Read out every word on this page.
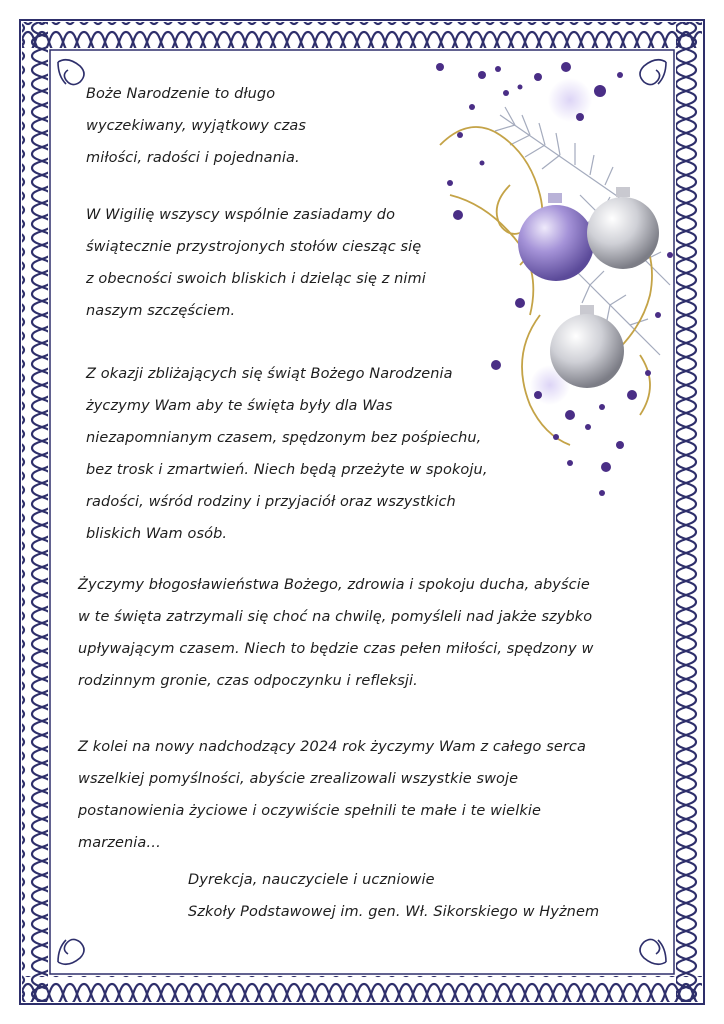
Boże Narodzenie to długo
wyczekiwany, wyjątkowy czas
miłości, radości i pojednania.
W Wigilię wszyscy wspólnie zasiadamy do
świątecznie przystrojonych stołów ciesząc się
z obecności swoich bliskich i dzieląc się z nimi
naszym szczęściem.
Z okazji zbliżających się świąt Bożego Narodzenia
życzymy Wam aby te święta były dla Was
niezapomnianym czasem, spędzonym bez pośpiechu,
bez trosk i zmartwień. Niech będą przeżyte w spokoju,
radości, wśród rodziny i przyjaciół oraz wszystkich
bliskich Wam osób.
Życzymy błogosławieństwa Bożego, zdrowia i spokoju ducha, abyście
w te święta zatrzymali się choć na chwilę, pomyśleli nad jakże szybko
upływającym czasem. Niech to będzie czas pełen miłości, spędzony w
rodzinnym gronie, czas odpoczynku i refleksji.
Z kolei na nowy nadchodzący 2024 rok życzymy Wam z całego serca
wszelkiej pomyślności, abyście zrealizowali wszystkie swoje
postanowienia życiowe i oczywiście spełnili te małe i te wielkie
marzenia…
Dyrekcja, nauczyciele i uczniowie
Szkoły Podstawowej im. gen. Wł. Sikorskiego w Hyżnem
